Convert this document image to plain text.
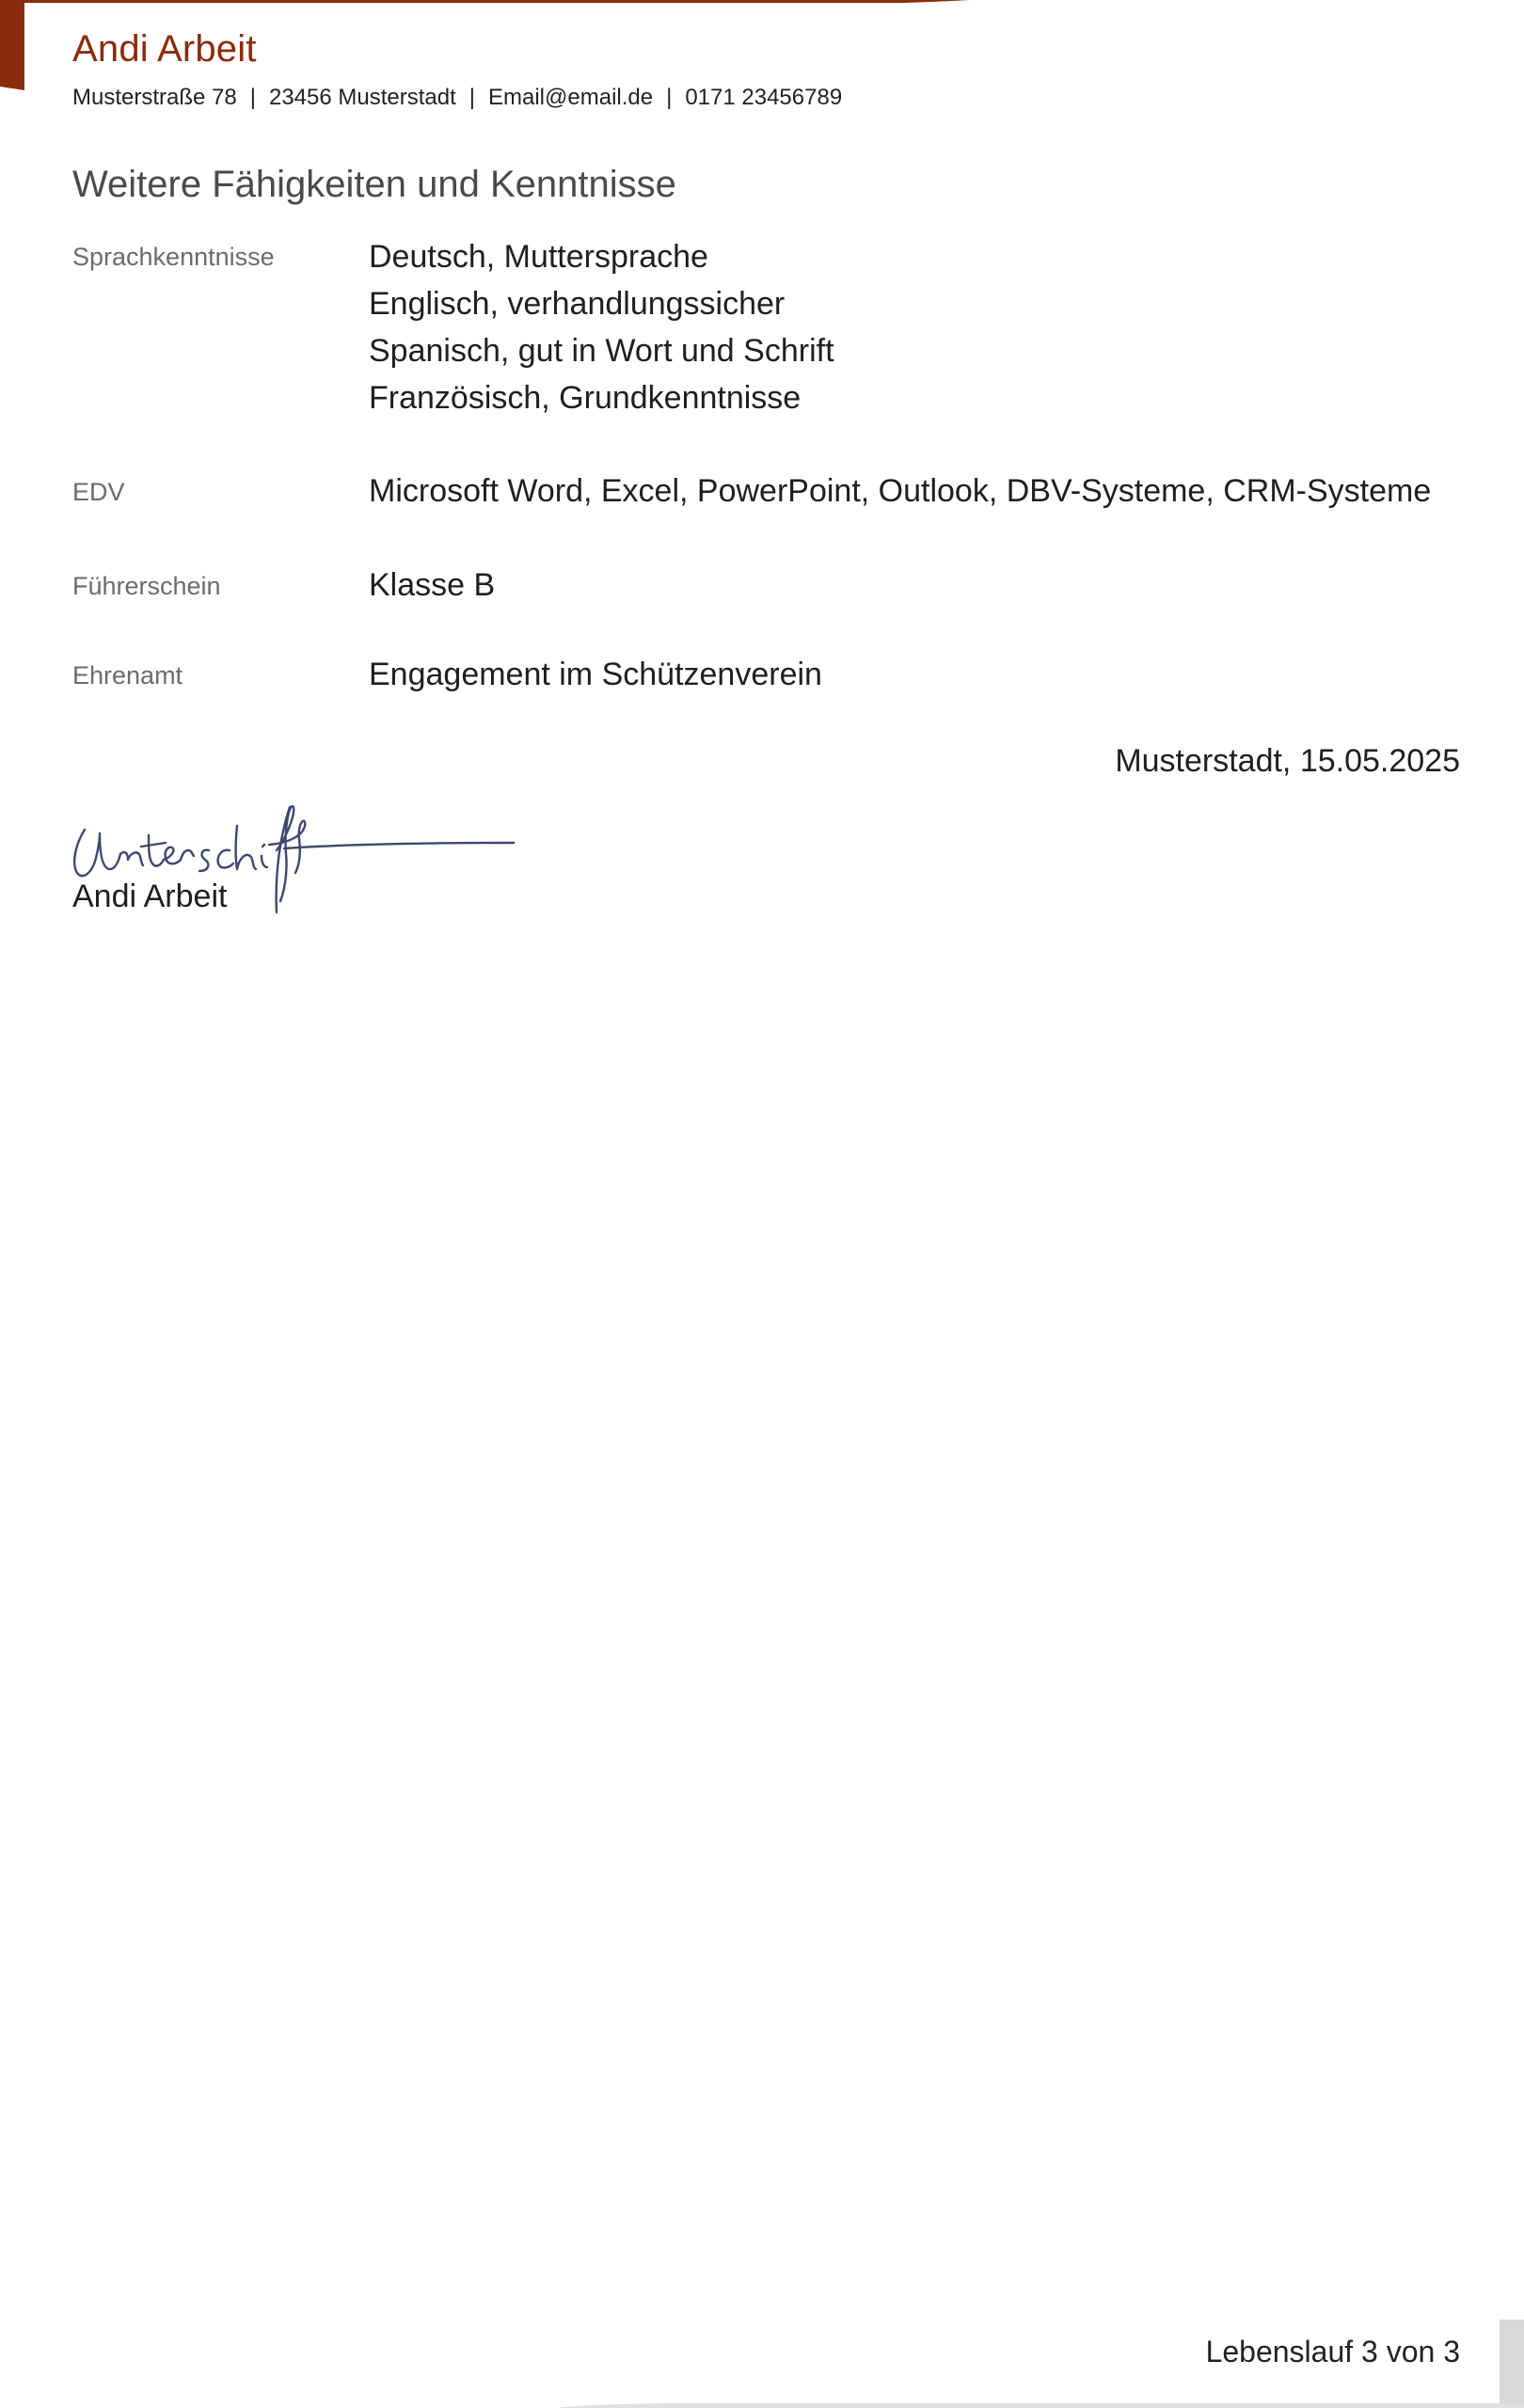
Andi Arbeit
Musterstraße 78 | 23456 Musterstadt | Email@email.de | 0171 23456789
Weitere Fähigkeiten und Kenntnisse
Sprachkenntnisse	Deutsch, Muttersprache
Englisch, verhandlungssicher
Spanisch, gut in Wort und Schrift
Französisch, Grundkenntnisse
EDV	Microsoft Word, Excel, PowerPoint, Outlook, DBV-Systeme, CRM-Systeme
Führerschein	Klasse B
Ehrenamt	Engagement im Schützenverein
Musterstadt, 15.05.2025
Andi Arbeit
Lebenslauf 3 von 3
